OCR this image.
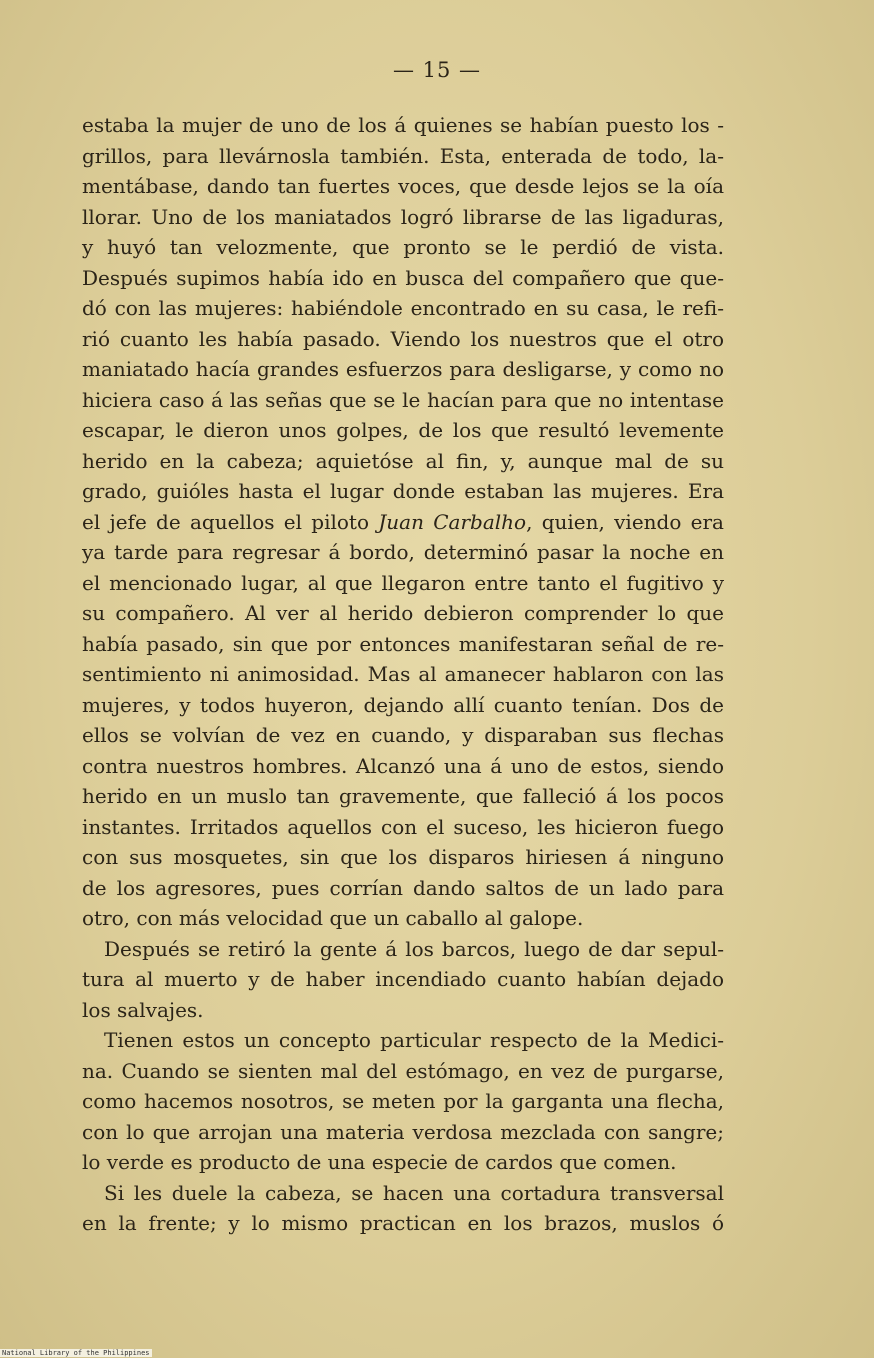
— 15 —
estaba la mujer de uno de los á quienes se habían puesto los -
grillos, para llevárnosla también. Esta, enterada de todo, la-
mentábase, dando tan fuertes voces, que desde lejos se la oía
llorar. Uno de los maniatados logró librarse de las ligaduras,
y huyó tan velozmente, que pronto se le perdió de vista.
Después supimos había ido en busca del compañero que que-
dó con las mujeres: habiéndole encontrado en su casa, le refi-
rió cuanto les había pasado. Viendo los nuestros que el otro
maniatado hacía grandes esfuerzos para desligarse, y como no
hiciera caso á las señas que se le hacían para que no intentase
escapar, le dieron unos golpes, de los que resultó levemente
herido en la cabeza; aquietóse al fin, y, aunque mal de su
grado, guióles hasta el lugar donde estaban las mujeres. Era
el jefe de aquellos el piloto Juan Carbalho, quien, viendo era
ya tarde para regresar á bordo, determinó pasar la noche en
el mencionado lugar, al que llegaron entre tanto el fugitivo y
su compañero. Al ver al herido debieron comprender lo que
había pasado, sin que por entonces manifestaran señal de re-
sentimiento ni animosidad. Mas al amanecer hablaron con las
mujeres, y todos huyeron, dejando allí cuanto tenían. Dos de
ellos se volvían de vez en cuando, y disparaban sus flechas
contra nuestros hombres. Alcanzó una á uno de estos, siendo
herido en un muslo tan gravemente, que falleció á los pocos
instantes. Irritados aquellos con el suceso, les hicieron fuego
con sus mosquetes, sin que los disparos hiriesen á ninguno
de los agresores, pues corrían dando saltos de un lado para
otro, con más velocidad que un caballo al galope.
Después se retiró la gente á los barcos, luego de dar sepul-
tura al muerto y de haber incendiado cuanto habían dejado
los salvajes.
Tienen estos un concepto particular respecto de la Medici-
na. Cuando se sienten mal del estómago, en vez de purgarse,
como hacemos nosotros, se meten por la garganta una flecha,
con lo que arrojan una materia verdosa mezclada con sangre;
lo verde es producto de una especie de cardos que comen.
Si les duele la cabeza, se hacen una cortadura transversal
en la frente; y lo mismo practican en los brazos, muslos ó
National Library of the Philippines
